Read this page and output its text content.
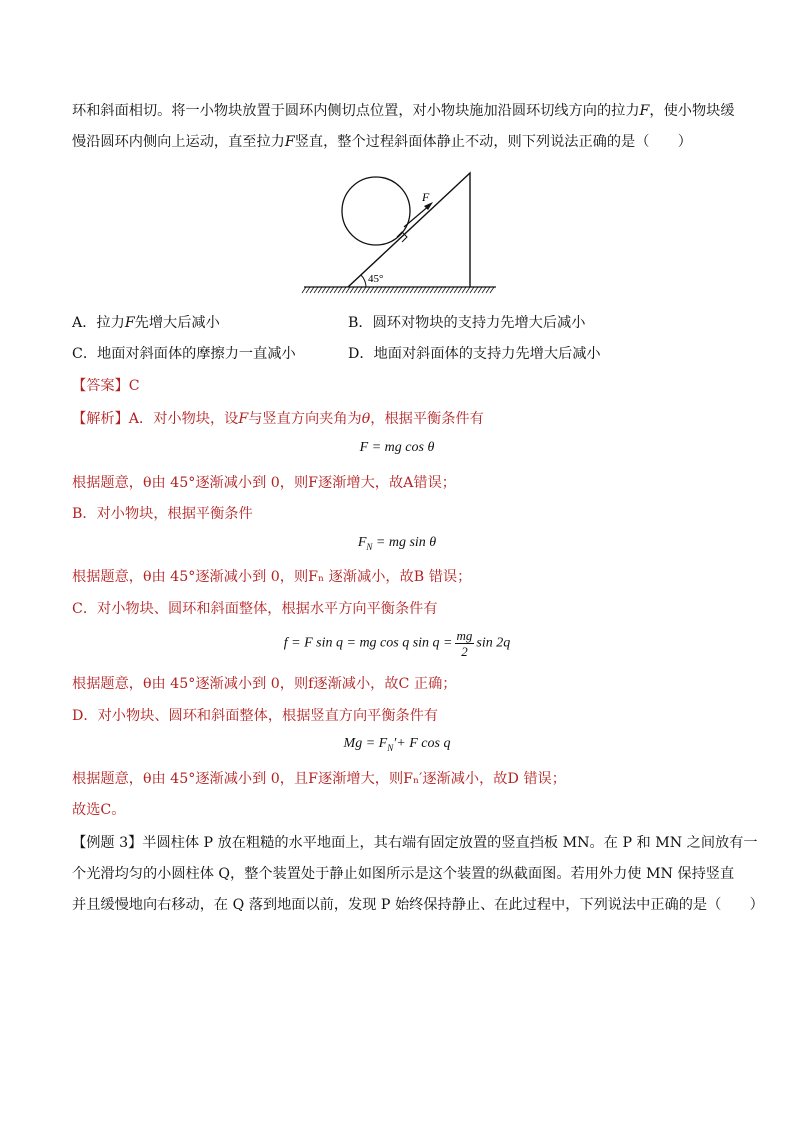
环和斜面相切。将一小物块放置于圆环内侧切点位置，对小物块施加沿圆环切线方向的拉力F，使小物块缓
慢沿圆环内侧向上运动，直至拉力F竖直，整个过程斜面体静止不动，则下列说法正确的是（　　）
F
45°
A．拉力F先增大后减小	B．圆环对物块的支持力先增大后减小
C．地面对斜面体的摩擦力一直减小	D．地面对斜面体的支持力先增大后减小
【答案】C
【解析】A．对小物块，设F与竖直方向夹角为θ，根据平衡条件有
F = mg cos θ
根据题意，θ由 45°逐渐减小到 0，则F逐渐增大，故A错误；
B．对小物块，根据平衡条件
$F_N$ = mg sin θ
根据题意，θ由 45°逐渐减小到 0，则Fₙ 逐渐减小，故B 错误；
C．对小物块、圆环和斜面整体，根据水平方向平衡条件有
f = F sin q = mg cos q $\sin q = \frac{mg}{2}$ sin 2q
根据题意，θ由 45°逐渐减小到 0，则f逐渐减小，故C 正确；
D．对小物块、圆环和斜面整体，根据竖直方向平衡条件有
$Mg = F_N'+ F$ cos q
根据题意，θ由 45°逐渐减小到 0，且F逐渐增大，则Fₙ′逐渐减小，故D 错误；
故选C。
【例题 3】半圆柱体 P 放在粗糙的水平地面上，其右端有固定放置的竖直挡板 MN。在 P 和 MN 之间放有一
个光滑均匀的小圆柱体 Q，整个装置处于静止如图所示是这个装置的纵截面图。若用外力使 MN 保持竖直
并且缓慢地向右移动，在 Q 落到地面以前，发现 P 始终保持静止、在此过程中，下列说法中正确的是（　　）
